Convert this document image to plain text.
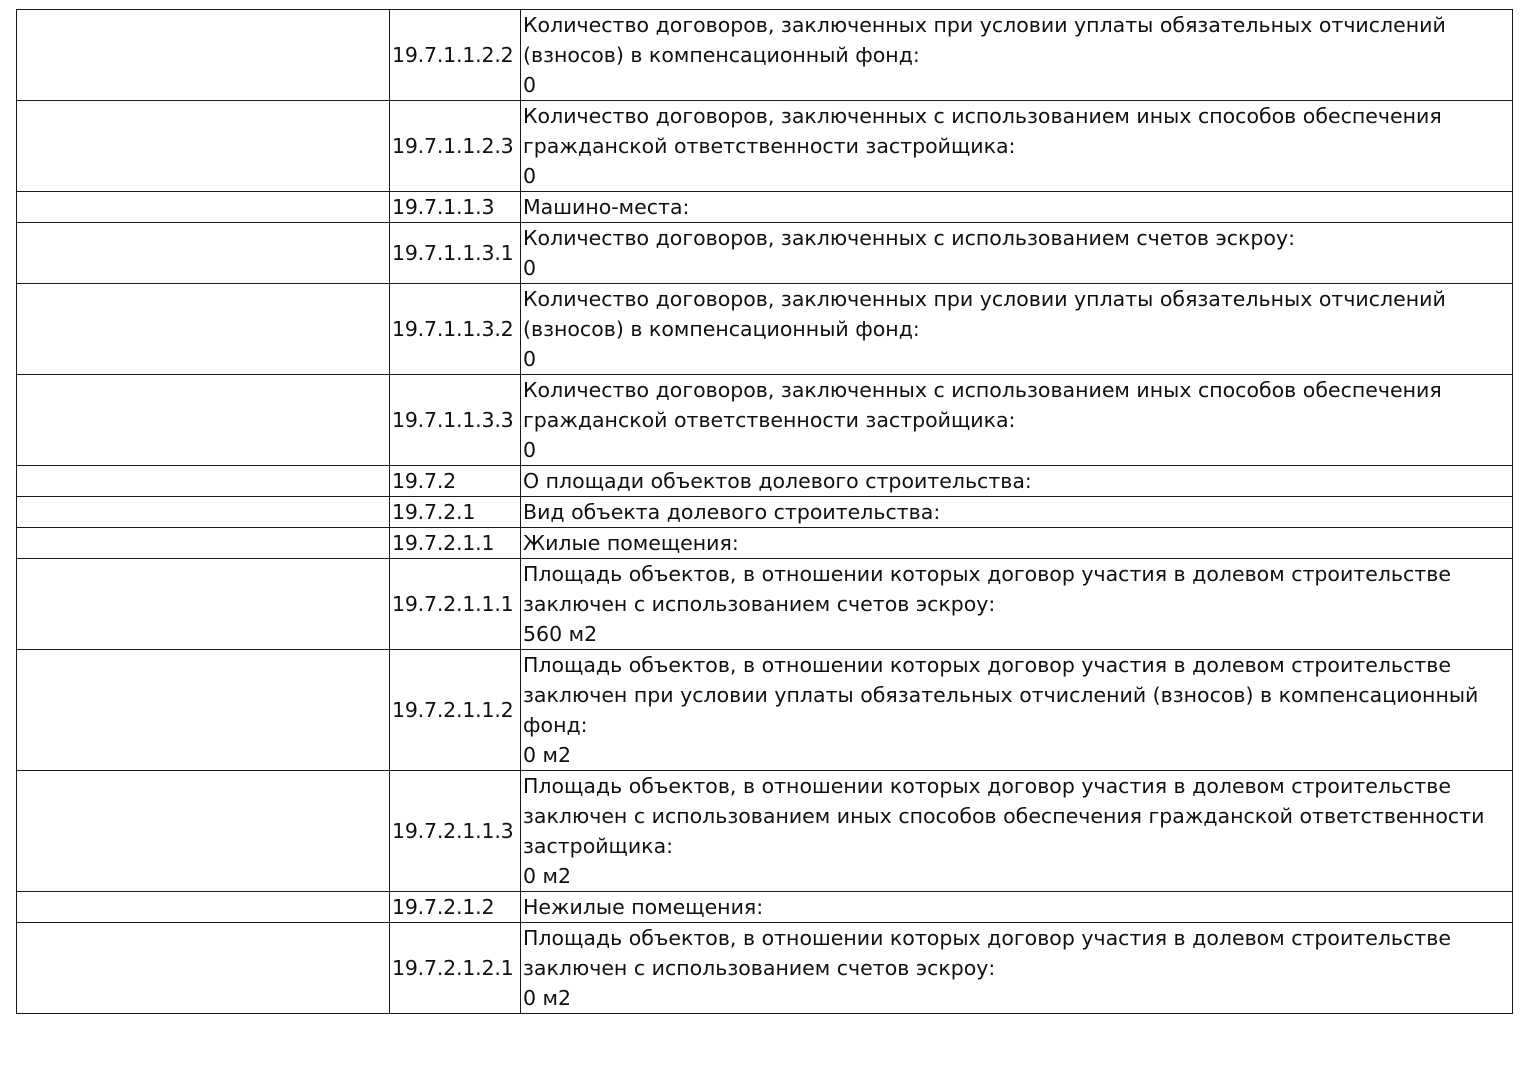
	19.7.1.1.2.2	Количество договоров, заключенных при условии уплаты обязательных отчислений
(взносов) в компенсационный фонд:
0

	19.7.1.1.2.3	Количество договоров, заключенных с использованием иных способов обеспечения
гражданской ответственности застройщика:
0

	19.7.1.1.3	Машино-места:

	19.7.1.1.3.1	Количество договоров, заключенных с использованием счетов эскроу:
0

	19.7.1.1.3.2	Количество договоров, заключенных при условии уплаты обязательных отчислений
(взносов) в компенсационный фонд:
0

	19.7.1.1.3.3	Количество договоров, заключенных с использованием иных способов обеспечения
гражданской ответственности застройщика:
0

	19.7.2	О площади объектов долевого строительства:

	19.7.2.1	Вид объекта долевого строительства:

	19.7.2.1.1	Жилые помещения:

	19.7.2.1.1.1	Площадь объектов, в отношении которых договор участия в долевом строительстве
заключен с использованием счетов эскроу:
560 м2

	19.7.2.1.1.2	Площадь объектов, в отношении которых договор участия в долевом строительстве
заключен при условии уплаты обязательных отчислений (взносов) в компенсационный
фонд:
0 м2

	19.7.2.1.1.3	Площадь объектов, в отношении которых договор участия в долевом строительстве
заключен с использованием иных способов обеспечения гражданской ответственности
застройщика:
0 м2

	19.7.2.1.2	Нежилые помещения:

	19.7.2.1.2.1	Площадь объектов, в отношении которых договор участия в долевом строительстве
заключен с использованием счетов эскроу:
0 м2
